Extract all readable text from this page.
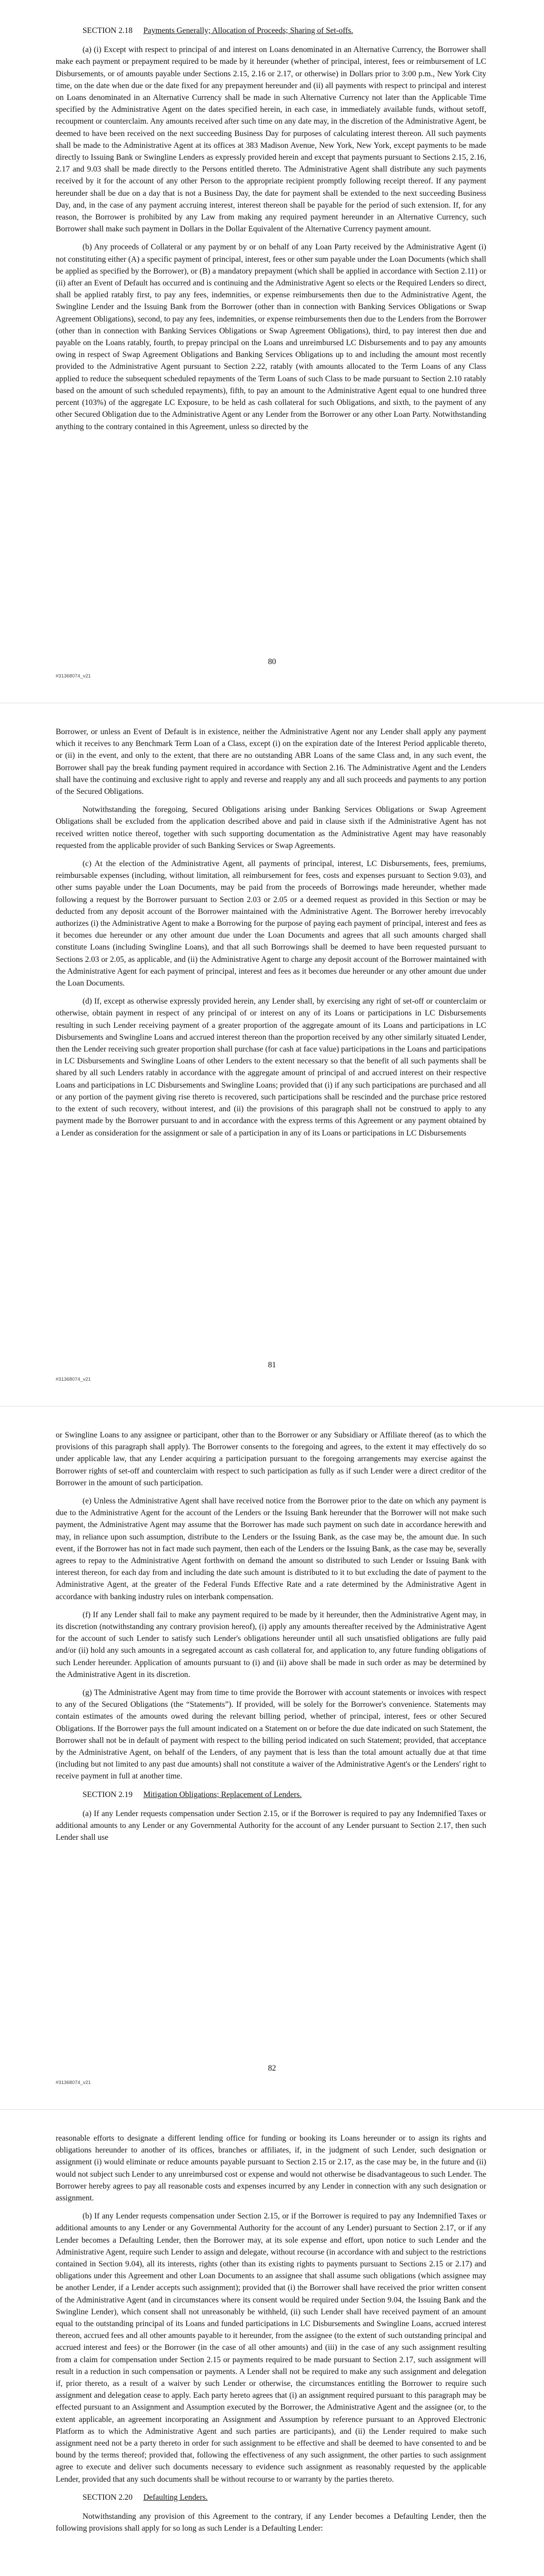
SECTION 2.18 Payments Generally; Allocation of Proceeds; Sharing of Set-offs.

(a) (i) Except with respect to principal of and interest on Loans denominated in an Alternative Currency, the Borrower shall make each payment or prepayment required to be made by it hereunder (whether of principal, interest, fees or reimbursement of LC Disbursements, or of amounts payable under Sections 2.15, 2.16 or 2.17, or otherwise) in Dollars prior to 3:00 p.m., New York City time, on the date when due or the date fixed for any prepayment hereunder and (ii) all payments with respect to principal and interest on Loans denominated in an Alternative Currency shall be made in such Alternative Currency not later than the Applicable Time specified by the Administrative Agent on the dates specified herein, in each case, in immediately available funds, without setoff, recoupment or counterclaim. Any amounts received after such time on any date may, in the discretion of the Administrative Agent, be deemed to have been received on the next succeeding Business Day for purposes of calculating interest thereon. All such payments shall be made to the Administrative Agent at its offices at 383 Madison Avenue, New York, New York, except payments to be made directly to Issuing Bank or Swingline Lenders as expressly provided herein and except that payments pursuant to Sections 2.15, 2.16, 2.17 and 9.03 shall be made directly to the Persons entitled thereto. The Administrative Agent shall distribute any such payments received by it for the account of any other Person to the appropriate recipient promptly following receipt thereof. If any payment hereunder shall be due on a day that is not a Business Day, the date for payment shall be extended to the next succeeding Business Day, and, in the case of any payment accruing interest, interest thereon shall be payable for the period of such extension. If, for any reason, the Borrower is prohibited by any Law from making any required payment hereunder in an Alternative Currency, such Borrower shall make such payment in Dollars in the Dollar Equivalent of the Alternative Currency payment amount.

(b) Any proceeds of Collateral or any payment by or on behalf of any Loan Party received by the Administrative Agent (i) not constituting either (A) a specific payment of principal, interest, fees or other sum payable under the Loan Documents (which shall be applied as specified by the Borrower), or (B) a mandatory prepayment (which shall be applied in accordance with Section 2.11) or (ii) after an Event of Default has occurred and is continuing and the Administrative Agent so elects or the Required Lenders so direct, shall be applied ratably first, to pay any fees, indemnities, or expense reimbursements then due to the Administrative Agent, the Swingline Lender and the Issuing Bank from the Borrower (other than in connection with Banking Services Obligations or Swap Agreement Obligations), second, to pay any fees, indemnities, or expense reimbursements then due to the Lenders from the Borrower (other than in connection with Banking Services Obligations or Swap Agreement Obligations), third, to pay interest then due and payable on the Loans ratably, fourth, to prepay principal on the Loans and unreimbursed LC Disbursements and to pay any amounts owing in respect of Swap Agreement Obligations and Banking Services Obligations up to and including the amount most recently provided to the Administrative Agent pursuant to Section 2.22, ratably (with amounts allocated to the Term Loans of any Class applied to reduce the subsequent scheduled repayments of the Term Loans of such Class to be made pursuant to Section 2.10 ratably based on the amount of such scheduled repayments), fifth, to pay an amount to the Administrative Agent equal to one hundred three percent (103%) of the aggregate LC Exposure, to be held as cash collateral for such Obligations, and sixth, to the payment of any other Secured Obligation due to the Administrative Agent or any Lender from the Borrower or any other Loan Party. Notwithstanding anything to the contrary contained in this Agreement, unless so directed by the

80
#31368074_v21

Borrower, or unless an Event of Default is in existence, neither the Administrative Agent nor any Lender shall apply any payment which it receives to any Benchmark Term Loan of a Class, except (i) on the expiration date of the Interest Period applicable thereto, or (ii) in the event, and only to the extent, that there are no outstanding ABR Loans of the same Class and, in any such event, the Borrower shall pay the break funding payment required in accordance with Section 2.16. The Administrative Agent and the Lenders shall have the continuing and exclusive right to apply and reverse and reapply any and all such proceeds and payments to any portion of the Secured Obligations.

Notwithstanding the foregoing, Secured Obligations arising under Banking Services Obligations or Swap Agreement Obligations shall be excluded from the application described above and paid in clause sixth if the Administrative Agent has not received written notice thereof, together with such supporting documentation as the Administrative Agent may have reasonably requested from the applicable provider of such Banking Services or Swap Agreements.

(c) At the election of the Administrative Agent, all payments of principal, interest, LC Disbursements, fees, premiums, reimbursable expenses (including, without limitation, all reimbursement for fees, costs and expenses pursuant to Section 9.03), and other sums payable under the Loan Documents, may be paid from the proceeds of Borrowings made hereunder, whether made following a request by the Borrower pursuant to Section 2.03 or 2.05 or a deemed request as provided in this Section or may be deducted from any deposit account of the Borrower maintained with the Administrative Agent. The Borrower hereby irrevocably authorizes (i) the Administrative Agent to make a Borrowing for the purpose of paying each payment of principal, interest and fees as it becomes due hereunder or any other amount due under the Loan Documents and agrees that all such amounts charged shall constitute Loans (including Swingline Loans), and that all such Borrowings shall be deemed to have been requested pursuant to Sections 2.03 or 2.05, as applicable, and (ii) the Administrative Agent to charge any deposit account of the Borrower maintained with the Administrative Agent for each payment of principal, interest and fees as it becomes due hereunder or any other amount due under the Loan Documents.

(d) If, except as otherwise expressly provided herein, any Lender shall, by exercising any right of set-off or counterclaim or otherwise, obtain payment in respect of any principal of or interest on any of its Loans or participations in LC Disbursements resulting in such Lender receiving payment of a greater proportion of the aggregate amount of its Loans and participations in LC Disbursements and Swingline Loans and accrued interest thereon than the proportion received by any other similarly situated Lender, then the Lender receiving such greater proportion shall purchase (for cash at face value) participations in the Loans and participations in LC Disbursements and Swingline Loans of other Lenders to the extent necessary so that the benefit of all such payments shall be shared by all such Lenders ratably in accordance with the aggregate amount of principal of and accrued interest on their respective Loans and participations in LC Disbursements and Swingline Loans; provided that (i) if any such participations are purchased and all or any portion of the payment giving rise thereto is recovered, such participations shall be rescinded and the purchase price restored to the extent of such recovery, without interest, and (ii) the provisions of this paragraph shall not be construed to apply to any payment made by the Borrower pursuant to and in accordance with the express terms of this Agreement or any payment obtained by a Lender as consideration for the assignment or sale of a participation in any of its Loans or participations in LC Disbursements

81
#31368074_v21

or Swingline Loans to any assignee or participant, other than to the Borrower or any Subsidiary or Affiliate thereof (as to which the provisions of this paragraph shall apply). The Borrower consents to the foregoing and agrees, to the extent it may effectively do so under applicable law, that any Lender acquiring a participation pursuant to the foregoing arrangements may exercise against the Borrower rights of set-off and counterclaim with respect to such participation as fully as if such Lender were a direct creditor of the Borrower in the amount of such participation.

(e) Unless the Administrative Agent shall have received notice from the Borrower prior to the date on which any payment is due to the Administrative Agent for the account of the Lenders or the Issuing Bank hereunder that the Borrower will not make such payment, the Administrative Agent may assume that the Borrower has made such payment on such date in accordance herewith and may, in reliance upon such assumption, distribute to the Lenders or the Issuing Bank, as the case may be, the amount due. In such event, if the Borrower has not in fact made such payment, then each of the Lenders or the Issuing Bank, as the case may be, severally agrees to repay to the Administrative Agent forthwith on demand the amount so distributed to such Lender or Issuing Bank with interest thereon, for each day from and including the date such amount is distributed to it to but excluding the date of payment to the Administrative Agent, at the greater of the Federal Funds Effective Rate and a rate determined by the Administrative Agent in accordance with banking industry rules on interbank compensation.

(f) If any Lender shall fail to make any payment required to be made by it hereunder, then the Administrative Agent may, in its discretion (notwithstanding any contrary provision hereof), (i) apply any amounts thereafter received by the Administrative Agent for the account of such Lender to satisfy such Lender's obligations hereunder until all such unsatisfied obligations are fully paid and/or (ii) hold any such amounts in a segregated account as cash collateral for, and application to, any future funding obligations of such Lender hereunder. Application of amounts pursuant to (i) and (ii) above shall be made in such order as may be determined by the Administrative Agent in its discretion.

(g) The Administrative Agent may from time to time provide the Borrower with account statements or invoices with respect to any of the Secured Obligations (the “Statements”). If provided, will be solely for the Borrower's convenience. Statements may contain estimates of the amounts owed during the relevant billing period, whether of principal, interest, fees or other Secured Obligations. If the Borrower pays the full amount indicated on a Statement on or before the due date indicated on such Statement, the Borrower shall not be in default of payment with respect to the billing period indicated on such Statement; provided, that acceptance by the Administrative Agent, on behalf of the Lenders, of any payment that is less than the total amount actually due at that time (including but not limited to any past due amounts) shall not constitute a waiver of the Administrative Agent's or the Lenders' right to receive payment in full at another time.

SECTION 2.19 Mitigation Obligations; Replacement of Lenders.

(a) If any Lender requests compensation under Section 2.15, or if the Borrower is required to pay any Indemnified Taxes or additional amounts to any Lender or any Governmental Authority for the account of any Lender pursuant to Section 2.17, then such Lender shall use

82
#31368074_v21

reasonable efforts to designate a different lending office for funding or booking its Loans hereunder or to assign its rights and obligations hereunder to another of its offices, branches or affiliates, if, in the judgment of such Lender, such designation or assignment (i) would eliminate or reduce amounts payable pursuant to Section 2.15 or 2.17, as the case may be, in the future and (ii) would not subject such Lender to any unreimbursed cost or expense and would not otherwise be disadvantageous to such Lender. The Borrower hereby agrees to pay all reasonable costs and expenses incurred by any Lender in connection with any such designation or assignment.

(b) If any Lender requests compensation under Section 2.15, or if the Borrower is required to pay any Indemnified Taxes or additional amounts to any Lender or any Governmental Authority for the account of any Lender) pursuant to Section 2.17, or if any Lender becomes a Defaulting Lender, then the Borrower may, at its sole expense and effort, upon notice to such Lender and the Administrative Agent, require such Lender to assign and delegate, without recourse (in accordance with and subject to the restrictions contained in Section 9.04), all its interests, rights (other than its existing rights to payments pursuant to Sections 2.15 or 2.17) and obligations under this Agreement and other Loan Documents to an assignee that shall assume such obligations (which assignee may be another Lender, if a Lender accepts such assignment); provided that (i) the Borrower shall have received the prior written consent of the Administrative Agent (and in circumstances where its consent would be required under Section 9.04, the Issuing Bank and the Swingline Lender), which consent shall not unreasonably be withheld, (ii) such Lender shall have received payment of an amount equal to the outstanding principal of its Loans and funded participations in LC Disbursements and Swingline Loans, accrued interest thereon, accrued fees and all other amounts payable to it hereunder, from the assignee (to the extent of such outstanding principal and accrued interest and fees) or the Borrower (in the case of all other amounts) and (iii) in the case of any such assignment resulting from a claim for compensation under Section 2.15 or payments required to be made pursuant to Section 2.17, such assignment will result in a reduction in such compensation or payments. A Lender shall not be required to make any such assignment and delegation if, prior thereto, as a result of a waiver by such Lender or otherwise, the circumstances entitling the Borrower to require such assignment and delegation cease to apply. Each party hereto agrees that (i) an assignment required pursuant to this paragraph may be effected pursuant to an Assignment and Assumption executed by the Borrower, the Administrative Agent and the assignee (or, to the extent applicable, an agreement incorporating an Assignment and Assumption by reference pursuant to an Approved Electronic Platform as to which the Administrative Agent and such parties are participants), and (ii) the Lender required to make such assignment need not be a party thereto in order for such assignment to be effective and shall be deemed to have consented to and be bound by the terms thereof; provided that, following the effectiveness of any such assignment, the other parties to such assignment agree to execute and deliver such documents necessary to evidence such assignment as reasonably requested by the applicable Lender, provided that any such documents shall be without recourse to or warranty by the parties thereto.

SECTION 2.20 Defaulting Lenders.

Notwithstanding any provision of this Agreement to the contrary, if any Lender becomes a Defaulting Lender, then the following provisions shall apply for so long as such Lender is a Defaulting Lender:
